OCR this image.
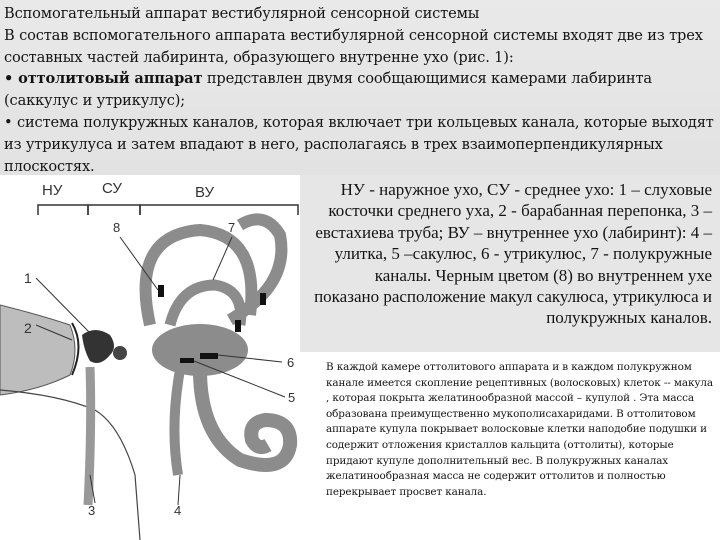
Вспомогательный аппарат вестибулярной сенсорной системы

В состав вспомогательного аппарата вестибулярной сенсорной системы входят две из трех составных частей лабиринта, образующего внутренне ухо (рис. 1):

• оттолитовый аппарат представлен двумя сообщающимися камерами лабиринта (саккулус и утрикулус);

• система полукружных каналов, которая включает три кольцевых канала, которые выходят из утрикулуса и затем впадают в него, располагаясь в трех взаимоперпендикулярных плоскостях.

НУ	СУ	ВУ
8	7
1
2
6
5
3	4
НУ - наружное ухо, СУ - среднее ухо: 1 – слуховые косточки среднего уха, 2 - барабанная перепонка, 3 – евстахиева труба; ВУ – внутреннее ухо (лабиринт): 4 – улитка, 5 –сакулюс, 6 - утрикулюс, 7 - полукружные каналы. Черным цветом (8) во внутреннем ухе показано расположение макул сакулюса, утрикулюса и полукружных каналов.
В каждой камере оттолитового аппарата и в каждом полукружном канале имеется скопление рецептивных (волосковых) клеток -- макула , которая покрыта желатинообразной массой – купулой . Эта масса образована преимущественно мукополисахаридами. В оттолитовом аппарате купула покрывает волосковые клетки наподобие подушки и содержит отложения кристаллов кальцита (оттолиты), которые придают купуле дополнительный вес. В полукружных каналах желатинообразная масса не содержит оттолитов и полностью перекрывает просвет канала.
